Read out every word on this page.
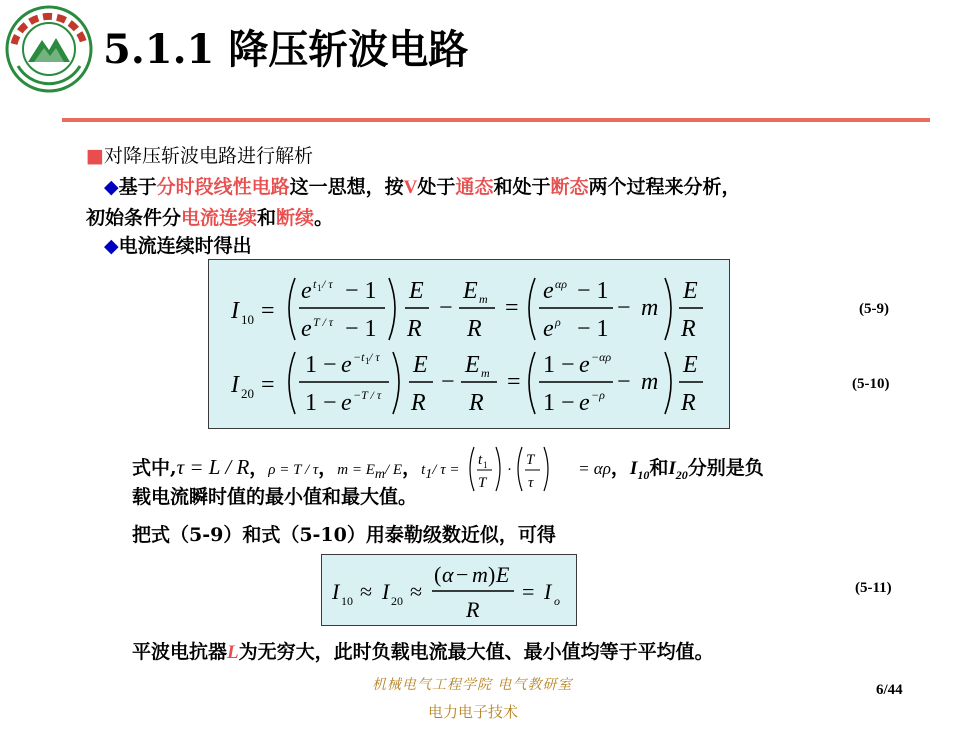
5.1.1 降压斩波电路
■对降压斩波电路进行解析
◆基于分时段线性电路这一思想，按V处于通态和处于断态两个过程来分析，
初始条件分电流连续和断续。
◆电流连续时得出
I 10 =
e t 1 / τ − 1
e T / τ − 1
E
R
−
E m
R
=
e αρ − 1
e ρ − 1
− m
E
R
I 20 =
1 − e −t 1 / τ
1 − e −T / τ
E
R
−
E m
R
=
1 − e −αρ
1 − e −ρ − m
E
R
(5-9)
(5-10)
式中,τ = L / R，ρ = T / τ，m = Em/ E，t1/ τ =
t 1
T
·
T
τ
= αρ，$I_{10}$和$I_{20}$分别是负
载电流瞬时值的最小值和最大值。
把式（5-9）和式（5-10）用泰勒级数近似，可得
I 10 ≈ I 20 ≈
( α − m ) E
R
= I o
(5-11)
平波电抗器L为无穷大，此时负载电流最大值、最小值均等于平均值。
机械电气工程学院 电气教研室	6/44
电力电子技术
